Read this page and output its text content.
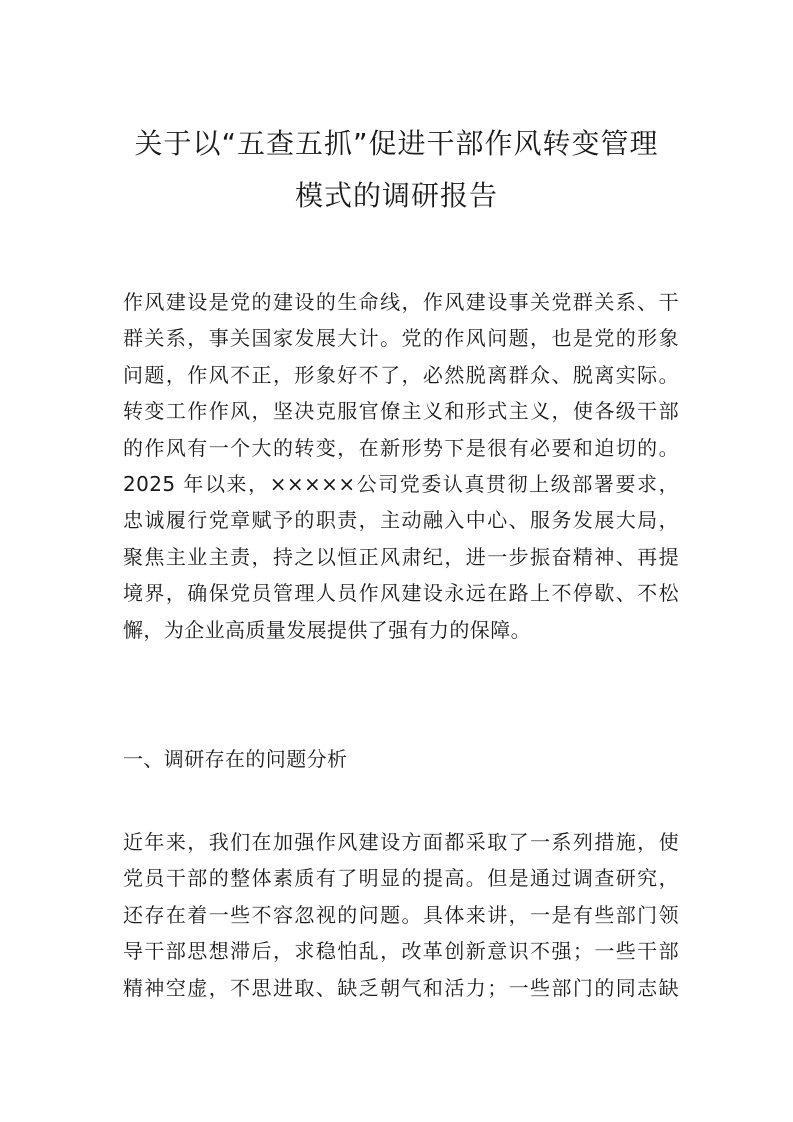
关于以“五查五抓”促进干部作风转变管理
模式的调研报告

作风建设是党的建设的生命线，作风建设事关党群关系、干
群关系，事关国家发展大计。党的作风问题，也是党的形象
问题，作风不正，形象好不了，必然脱离群众、脱离实际。
转变工作作风，坚决克服官僚主义和形式主义，使各级干部
的作风有一个大的转变，在新形势下是很有必要和迫切的。
2025 年以来，×××××公司党委认真贯彻上级部署要求，
忠诚履行党章赋予的职责，主动融入中心、服务发展大局，
聚焦主业主责，持之以恒正风肃纪，进一步振奋精神、再提
境界，确保党员管理人员作风建设永远在路上不停歇、不松
懈，为企业高质量发展提供了强有力的保障。

一、调研存在的问题分析

近年来，我们在加强作风建设方面都采取了一系列措施，使
党员干部的整体素质有了明显的提高。但是通过调查研究，
还存在着一些不容忽视的问题。具体来讲，一是有些部门领
导干部思想滞后，求稳怕乱，改革创新意识不强；一些干部
精神空虚，不思进取、缺乏朝气和活力；一些部门的同志缺
